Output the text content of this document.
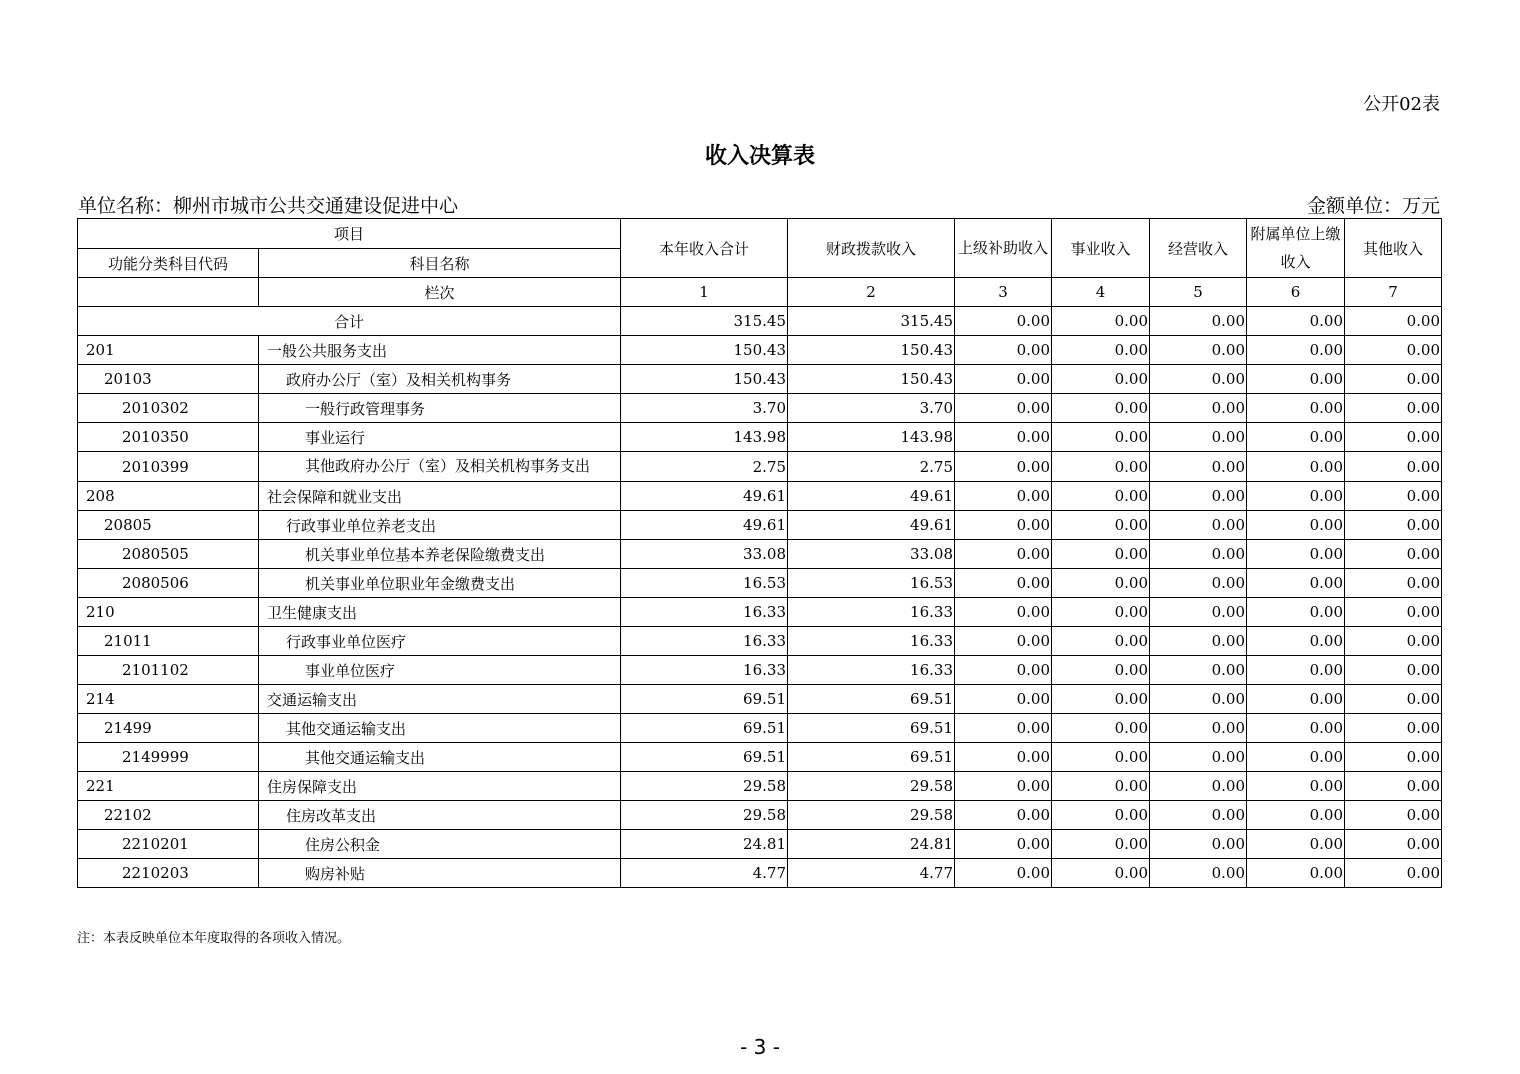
公开02表
收入决算表
单位名称：柳州市城市公共交通建设促进中心	金额单位：万元
项目		本年收入合计	财政拨款收入	上级补助收入	事业收入	经营收入	附属单位上缴收入	其他收入
功能分类科目代码	科目名称							
	栏次	1	2	3	4	5	6	7
合计		315.45	315.45	0.00	0.00	0.00	0.00	0.00
201	一般公共服务支出	150.43	150.43	0.00	0.00	0.00	0.00	0.00
20103	政府办公厅（室）及相关机构事务	150.43	150.43	0.00	0.00	0.00	0.00	0.00
2010302	一般行政管理事务	3.70	3.70	0.00	0.00	0.00	0.00	0.00
2010350	事业运行	143.98	143.98	0.00	0.00	0.00	0.00	0.00
2010399	其他政府办公厅（室）及相关机构事务支出	2.75	2.75	0.00	0.00	0.00	0.00	0.00
208	社会保障和就业支出	49.61	49.61	0.00	0.00	0.00	0.00	0.00
20805	行政事业单位养老支出	49.61	49.61	0.00	0.00	0.00	0.00	0.00
2080505	机关事业单位基本养老保险缴费支出	33.08	33.08	0.00	0.00	0.00	0.00	0.00
2080506	机关事业单位职业年金缴费支出	16.53	16.53	0.00	0.00	0.00	0.00	0.00
210	卫生健康支出	16.33	16.33	0.00	0.00	0.00	0.00	0.00
21011	行政事业单位医疗	16.33	16.33	0.00	0.00	0.00	0.00	0.00
2101102	事业单位医疗	16.33	16.33	0.00	0.00	0.00	0.00	0.00
214	交通运输支出	69.51	69.51	0.00	0.00	0.00	0.00	0.00
21499	其他交通运输支出	69.51	69.51	0.00	0.00	0.00	0.00	0.00
2149999	其他交通运输支出	69.51	69.51	0.00	0.00	0.00	0.00	0.00
221	住房保障支出	29.58	29.58	0.00	0.00	0.00	0.00	0.00
22102	住房改革支出	29.58	29.58	0.00	0.00	0.00	0.00	0.00
2210201	住房公积金	24.81	24.81	0.00	0.00	0.00	0.00	0.00
2210203	购房补贴	4.77	4.77	0.00	0.00	0.00	0.00	0.00
注：本表反映单位本年度取得的各项收入情况。
- 3 -
